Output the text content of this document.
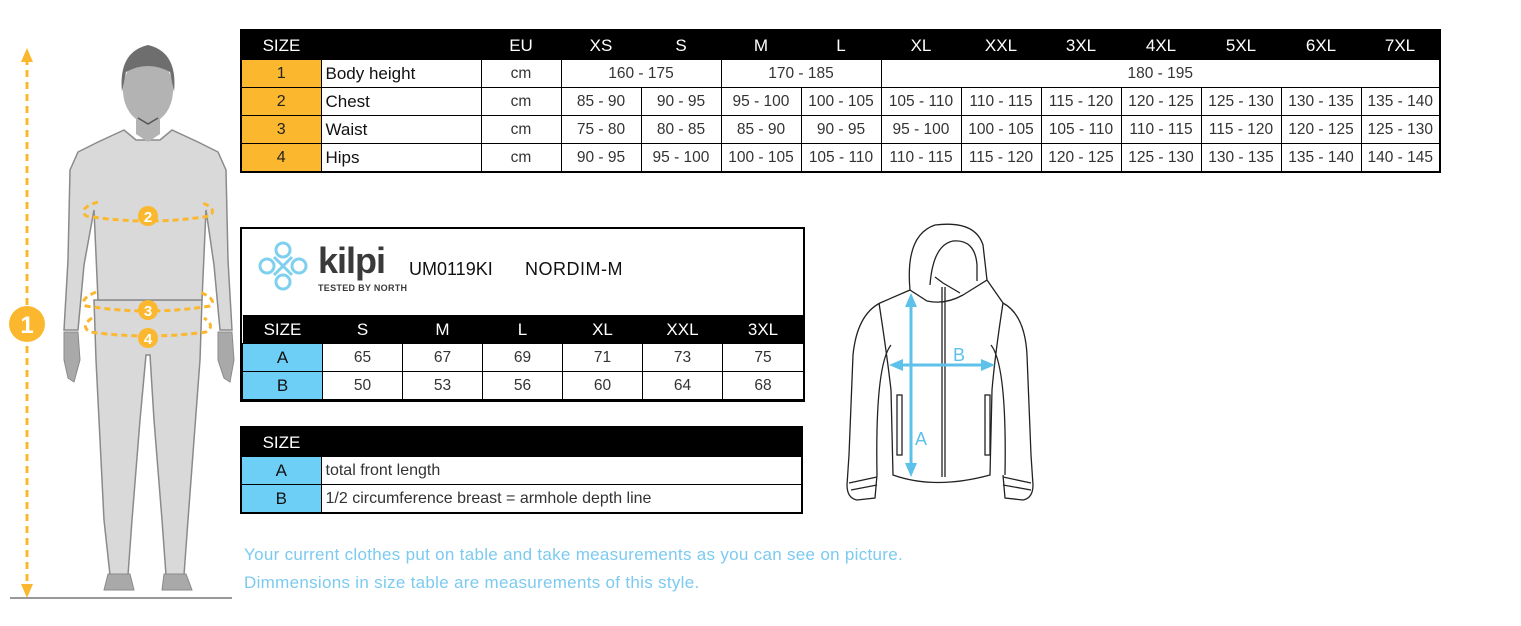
2
3
4
1
SIZE		EU	XS	S	M	L	XL	XXL	3XL	4XL	5XL	6XL	7XL
1	Body height	cm	160 - 175		170 - 185		180 - 195						
2	Chest	cm	85 - 90	90 - 95	95 - 100	100 - 105	105 - 110	110 - 115	115 - 120	120 - 125	125 - 130	130 - 135	135 - 140
3	Waist	cm	75 - 80	80 - 85	85 - 90	90 - 95	95 - 100	100 - 105	105 - 110	110 - 115	115 - 120	120 - 125	125 - 130
4	Hips	cm	90 - 95	95 - 100	100 - 105	105 - 110	110 - 115	115 - 120	120 - 125	125 - 130	130 - 135	135 - 140	140 - 145
kilpi
TESTED BY NORTH
UM0119KI NORDIM-M
SIZE	S	M	L	XL	XXL	3XL
A	65	67	69	71	73	75
B	50	53	56	60	64	68
SIZE	
A	total front length
B	1/2 circumference breast = armhole depth line
Your current clothes put on table and take measurements as you can see on picture.
Dimmensions in size table are measurements of this style.
B
A
